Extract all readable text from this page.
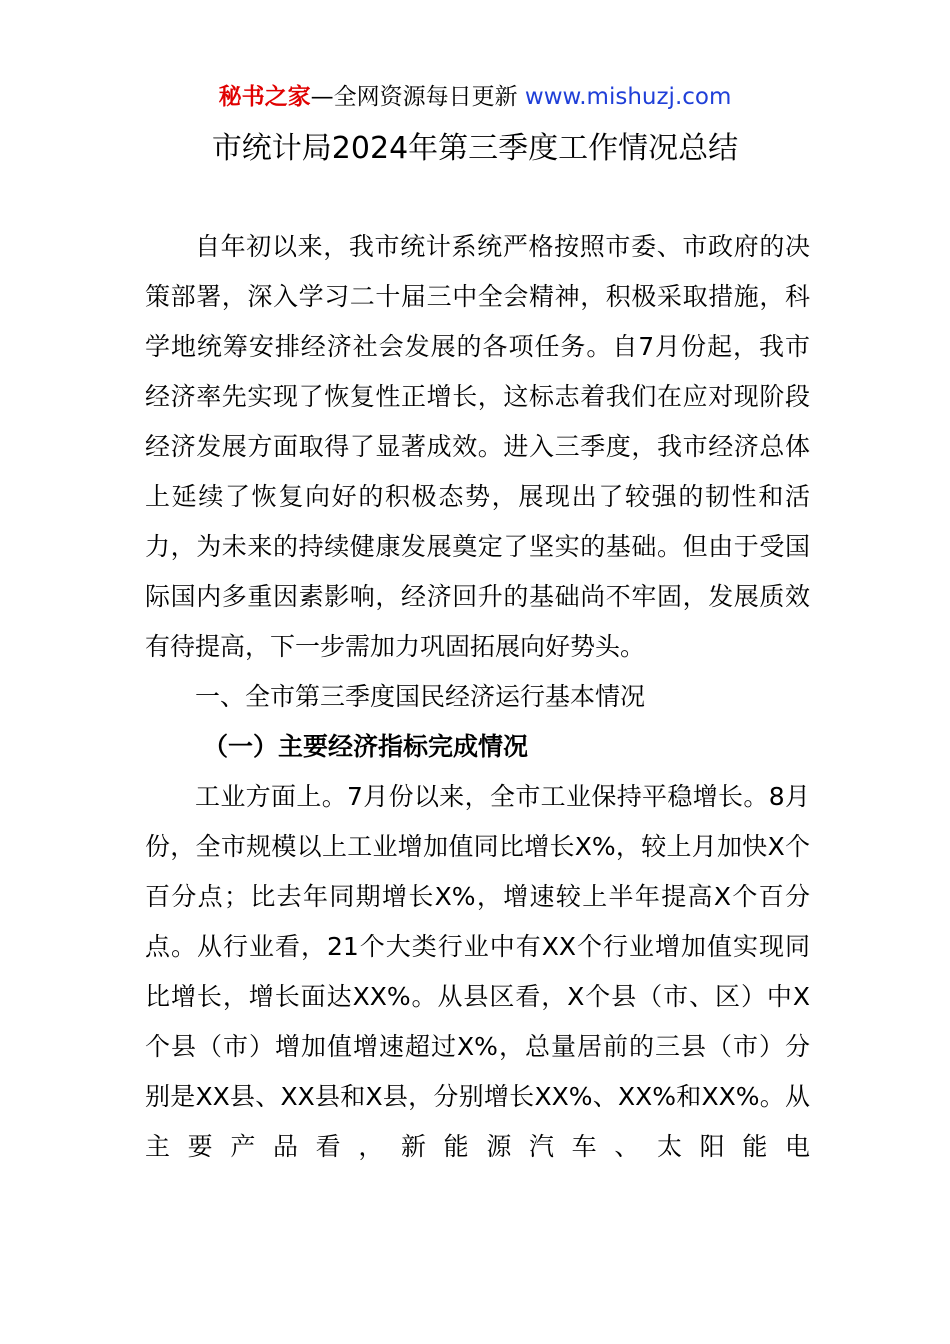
秘书之家—全网资源每日更新 www.mishuzj.com
市统计局2024年第三季度工作情况总结

自年初以来，我市统计系统严格按照市委、市政府的决策部署，深入学习二十届三中全会精神，积极采取措施，科学地统筹安排经济社会发展的各项任务。自7月份起，我市经济率先实现了恢复性正增长，这标志着我们在应对现阶段经济发展方面取得了显著成效。进入三季度，我市经济总体上延续了恢复向好的积极态势，展现出了较强的韧性和活力，为未来的持续健康发展奠定了坚实的基础。但由于受国际国内多重因素影响，经济回升的基础尚不牢固，发展质效有待提高，下一步需加力巩固拓展向好势头。

一、全市第三季度国民经济运行基本情况

（一）主要经济指标完成情况

工业方面上。7月份以来，全市工业保持平稳增长。8月份，全市规模以上工业增加值同比增长X%，较上月加快X个百分点；比去年同期增长X%，增速较上半年提高X个百分点。从行业看，21个大类行业中有XX个行业增加值实现同比增长，增长面达XX%。从县区看，X个县（市、区）中X个县（市）增加值增速超过X%，总量居前的三县（市）分别是XX县、XX县和X县，分别增长XX%、XX%和XX%。从主要产品看，新能源汽车、太阳能电
